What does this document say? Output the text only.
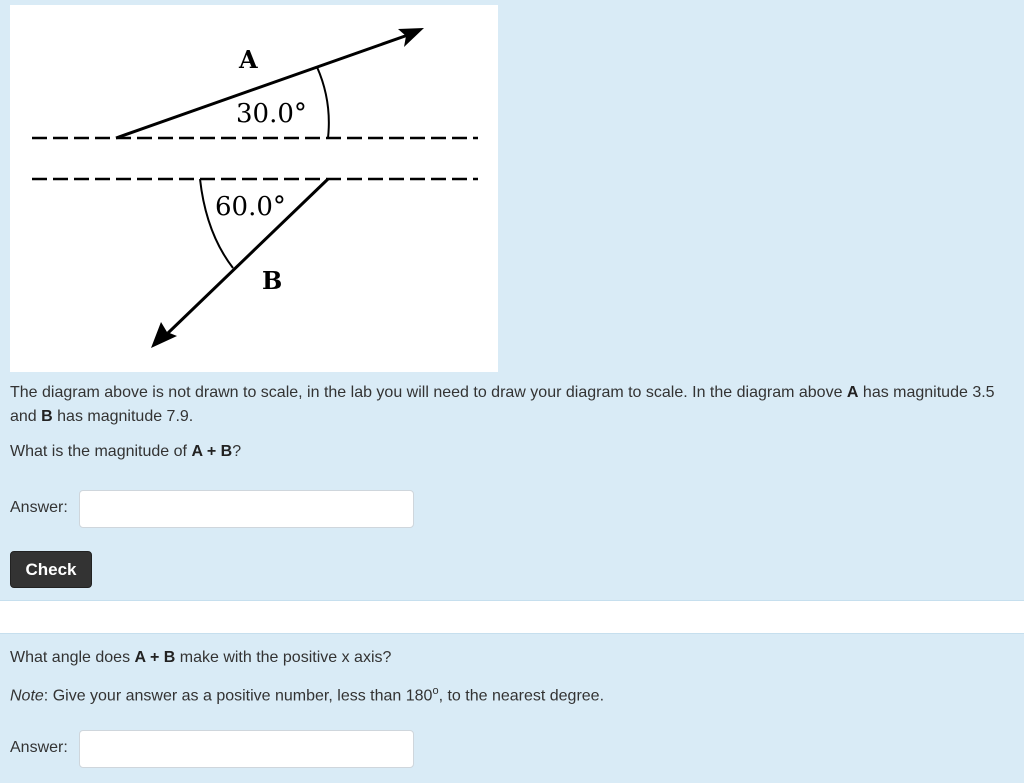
A
30.0°
60.0°
B

The diagram above is not drawn to scale, in the lab you will need to draw your diagram to scale. In the diagram above A has magnitude 3.5 and B has magnitude 7.9.

What is the magnitude of A + B?

Answer:
Check

What angle does A + B make with the positive x axis?

Note: Give your answer as a positive number, less than 180$^o$, to the nearest degree.

Answer:
